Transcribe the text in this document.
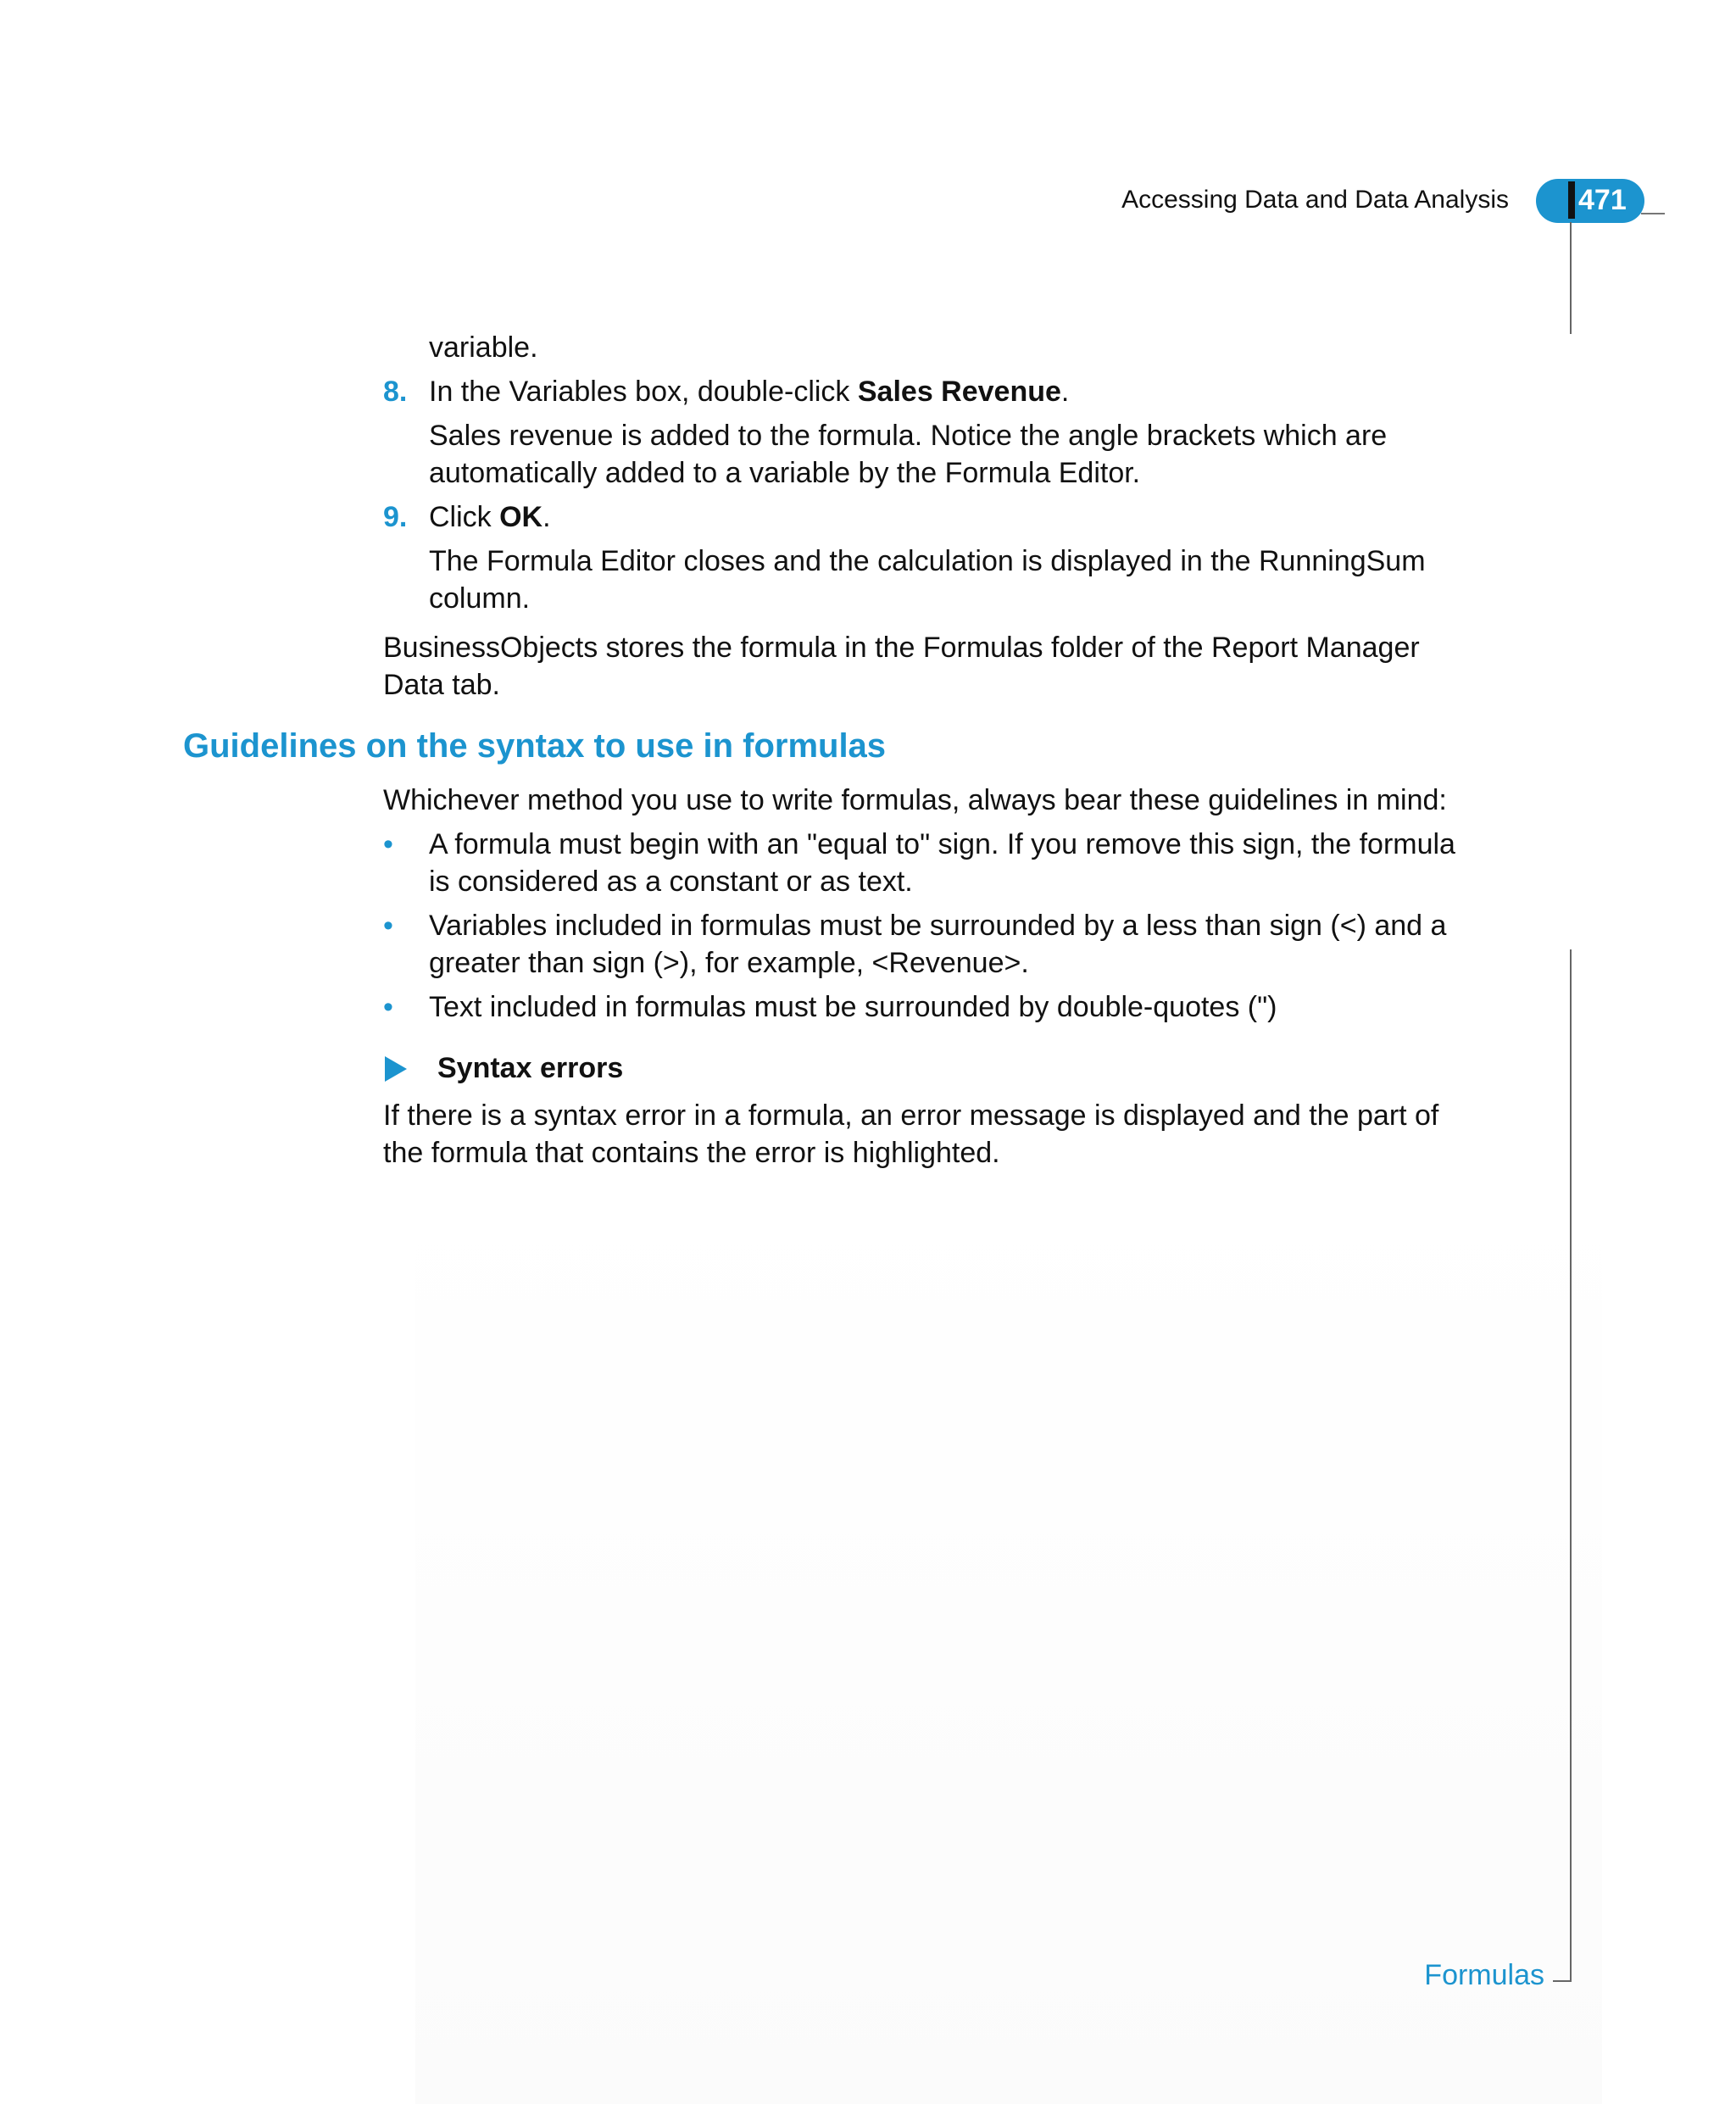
Accessing Data and Data Analysis 471
Formulas
variable.
8. In the Variables box, double-click Sales Revenue.
Sales revenue is added to the formula. Notice the angle brackets which are automatically added to a variable by the Formula Editor.
9. Click OK.
The Formula Editor closes and the calculation is displayed in the RunningSum column.
BusinessObjects stores the formula in the Formulas folder of the Report Manager Data tab.
Guidelines on the syntax to use in formulas
Whichever method you use to write formulas, always bear these guidelines in mind:
• A formula must begin with an "equal to" sign. If you remove this sign, the formula is considered as a constant or as text.
• Variables included in formulas must be surrounded by a less than sign (<) and a greater than sign (>), for example, <Revenue>.
• Text included in formulas must be surrounded by double-quotes (")
Syntax errors
If there is a syntax error in a formula, an error message is displayed and the part of the formula that contains the error is highlighted.
